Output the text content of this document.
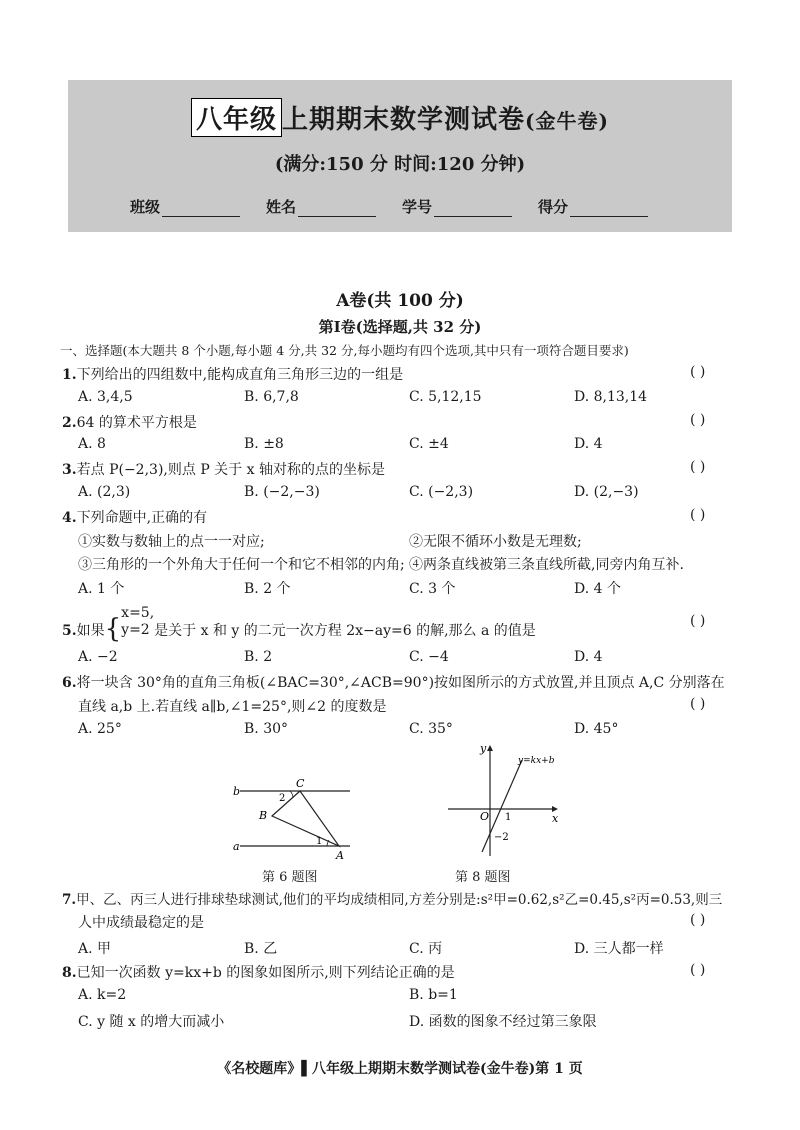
八年级 上期期末数学测试卷(金牛卷)
(满分:150 分 时间:120 分钟)
班级	姓名	学号	得分
A卷(共 100 分)
第Ⅰ卷(选择题,共 32 分)
一、选择题(本大题共 8 个小题,每小题 4 分,共 32 分,每小题均有四个选项,其中只有一项符合题目要求)
1.下列给出的四组数中,能构成直角三角形三边的一组是	( )
A. 3,4,5	B. 6,7,8	C. 5,12,15	D. 8,13,14
2.64 的算术平方根是	( )
A. 8	B. ±8	C. ±4	D. 4
3.若点 P(−2,3),则点 P 关于 x 轴对称的点的坐标是	( )
A. (2,3)	B. (−2,−3)	C. (−2,3)	D. (2,−3)
4.下列命题中,正确的有	( )
①实数与数轴上的点一一对应;	②无限不循环小数是无理数;
③三角形的一个外角大于任何一个和它不相邻的内角; ④两条直线被第三条直线所截,同旁内角互补.
A. 1 个	B. 2 个	C. 3 个	D. 4 个
5.如果{
x=5,
y=2 是关于 x 和 y 的二元一次方程 2x−ay=6 的解,那么 a 的值是
( )
A. −2	B. 2	C. −4	D. 4
6.将一块含 30°角的直角三角板(∠BAC=30°,∠ACB=90°)按如图所示的方式放置,并且顶点 A,C 分别落在
直线 a,b 上.若直线 a∥b,∠1=25°,则∠2 的度数是	( )
A. 25°	B. 30°	C. 35°	D. 45°
b
a
C
B
A
2
1
第 6 题图
y
x
O 1
−2
y=kx+b
第 8 题图
7.甲、乙、丙三人进行排球垫球测试,他们的平均成绩相同,方差分别是:s²甲=0.62,s²乙=0.45,s²丙=0.53,则三
人中成绩最稳定的是	( )
A. 甲	B. 乙	C. 丙	D. 三人都一样
8.已知一次函数 y=kx+b 的图象如图所示,则下列结论正确的是	( )
A. k=2	B. b=1
C. y 随 x 的增大而减小	D. 函数的图象不经过第三象限
《名校题库》▌八年级上期期末数学测试卷(金牛卷)第 1 页
